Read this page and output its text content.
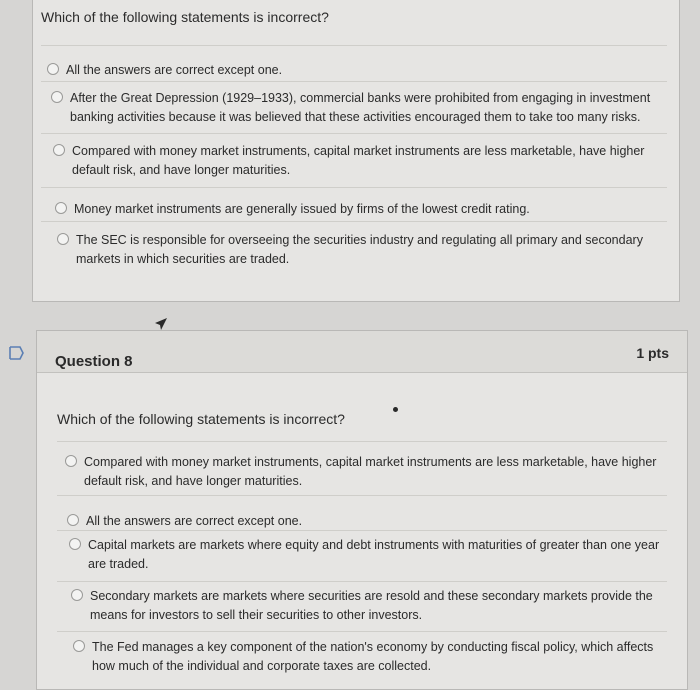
Which of the following statements is incorrect?
All the answers are correct except one.
After the Great Depression (1929–1933), commercial banks were prohibited from engaging in investment banking activities because it was believed that these activities encouraged them to take too many risks.
Compared with money market instruments, capital market instruments are less marketable, have higher default risk, and have longer maturities.
Money market instruments are generally issued by firms of the lowest credit rating.
The SEC is responsible for overseeing the securities industry and regulating all primary and secondary markets in which securities are traded.
Question 8	1 pts
Which of the following statements is incorrect?
Compared with money market instruments, capital market instruments are less marketable, have higher default risk, and have longer maturities.
All the answers are correct except one.
Capital markets are markets where equity and debt instruments with maturities of greater than one year are traded.
Secondary markets are markets where securities are resold and these secondary markets provide the means for investors to sell their securities to other investors.
The Fed manages a key component of the nation's economy by conducting fiscal policy, which affects how much of the individual and corporate taxes are collected.
